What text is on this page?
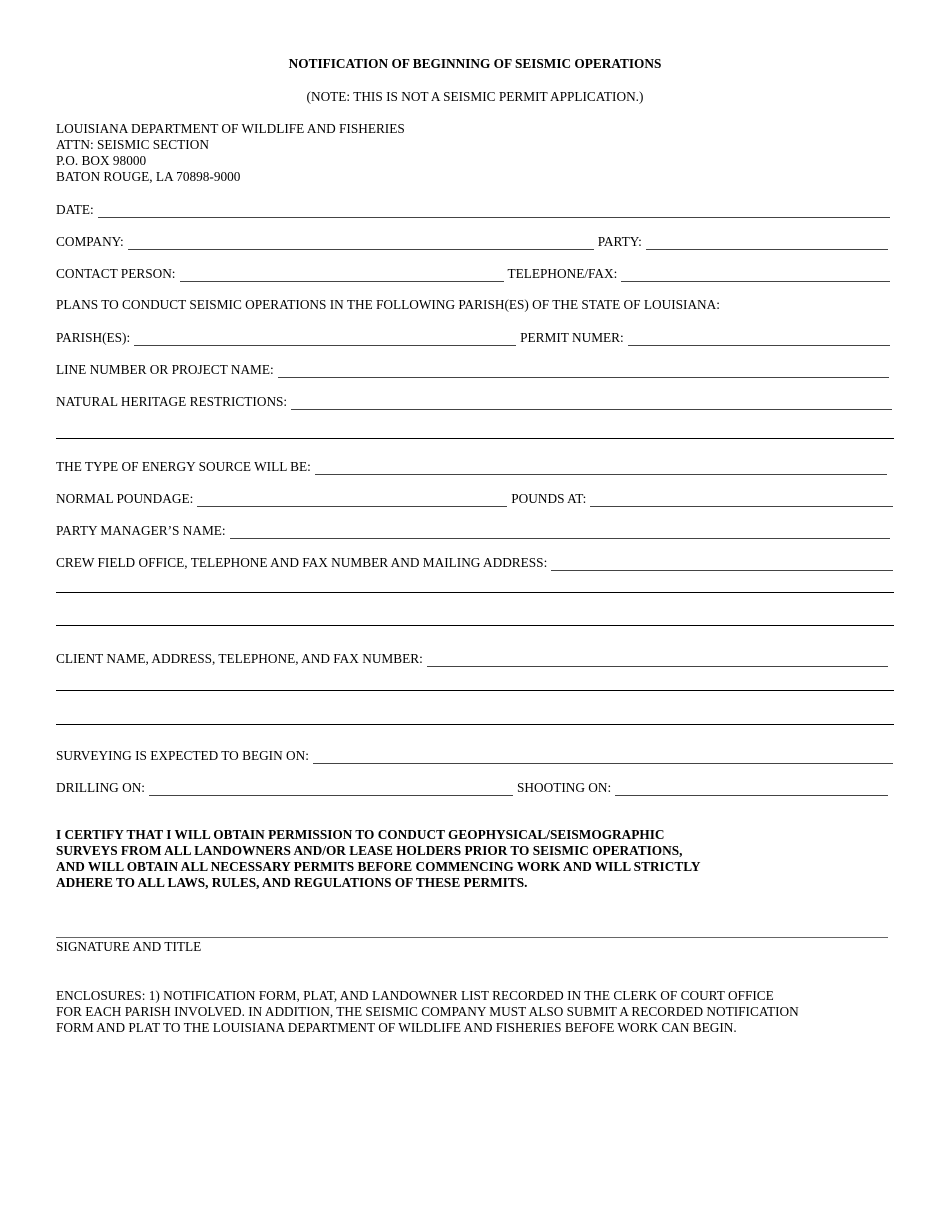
NOTIFICATION OF BEGINNING OF SEISMIC OPERATIONS
(NOTE: THIS IS NOT A SEISMIC PERMIT APPLICATION.)
LOUISIANA DEPARTMENT OF WILDLIFE AND FISHERIES
ATTN: SEISMIC SECTION
P.O. BOX 98000
BATON ROUGE, LA 70898-9000
DATE:
COMPANY:	PARTY:
CONTACT PERSON:	TELEPHONE/FAX:
PLANS TO CONDUCT SEISMIC OPERATIONS IN THE FOLLOWING PARISH(ES) OF THE STATE OF LOUISIANA:
PARISH(ES):	PERMIT NUMER:
LINE NUMBER OR PROJECT NAME:
NATURAL HERITAGE RESTRICTIONS:
THE TYPE OF ENERGY SOURCE WILL BE:
NORMAL POUNDAGE:	POUNDS AT:
PARTY MANAGER’S NAME:
CREW FIELD OFFICE, TELEPHONE AND FAX NUMBER AND MAILING ADDRESS:
CLIENT NAME, ADDRESS, TELEPHONE, AND FAX NUMBER:
SURVEYING IS EXPECTED TO BEGIN ON:
DRILLING ON:	SHOOTING ON:
I CERTIFY THAT I WILL OBTAIN PERMISSION TO CONDUCT GEOPHYSICAL/SEISMOGRAPHIC
SURVEYS FROM ALL LANDOWNERS AND/OR LEASE HOLDERS PRIOR TO SEISMIC OPERATIONS,
AND WILL OBTAIN ALL NECESSARY PERMITS BEFORE COMMENCING WORK AND WILL STRICTLY
ADHERE TO ALL LAWS, RULES, AND REGULATIONS OF THESE PERMITS.
SIGNATURE AND TITLE
ENCLOSURES: 1) NOTIFICATION FORM, PLAT, AND LANDOWNER LIST RECORDED IN THE CLERK OF COURT OFFICE
FOR EACH PARISH INVOLVED. IN ADDITION, THE SEISMIC COMPANY MUST ALSO SUBMIT A RECORDED NOTIFICATION
FORM AND PLAT TO THE LOUISIANA DEPARTMENT OF WILDLIFE AND FISHERIES BEFOFE WORK CAN BEGIN.
